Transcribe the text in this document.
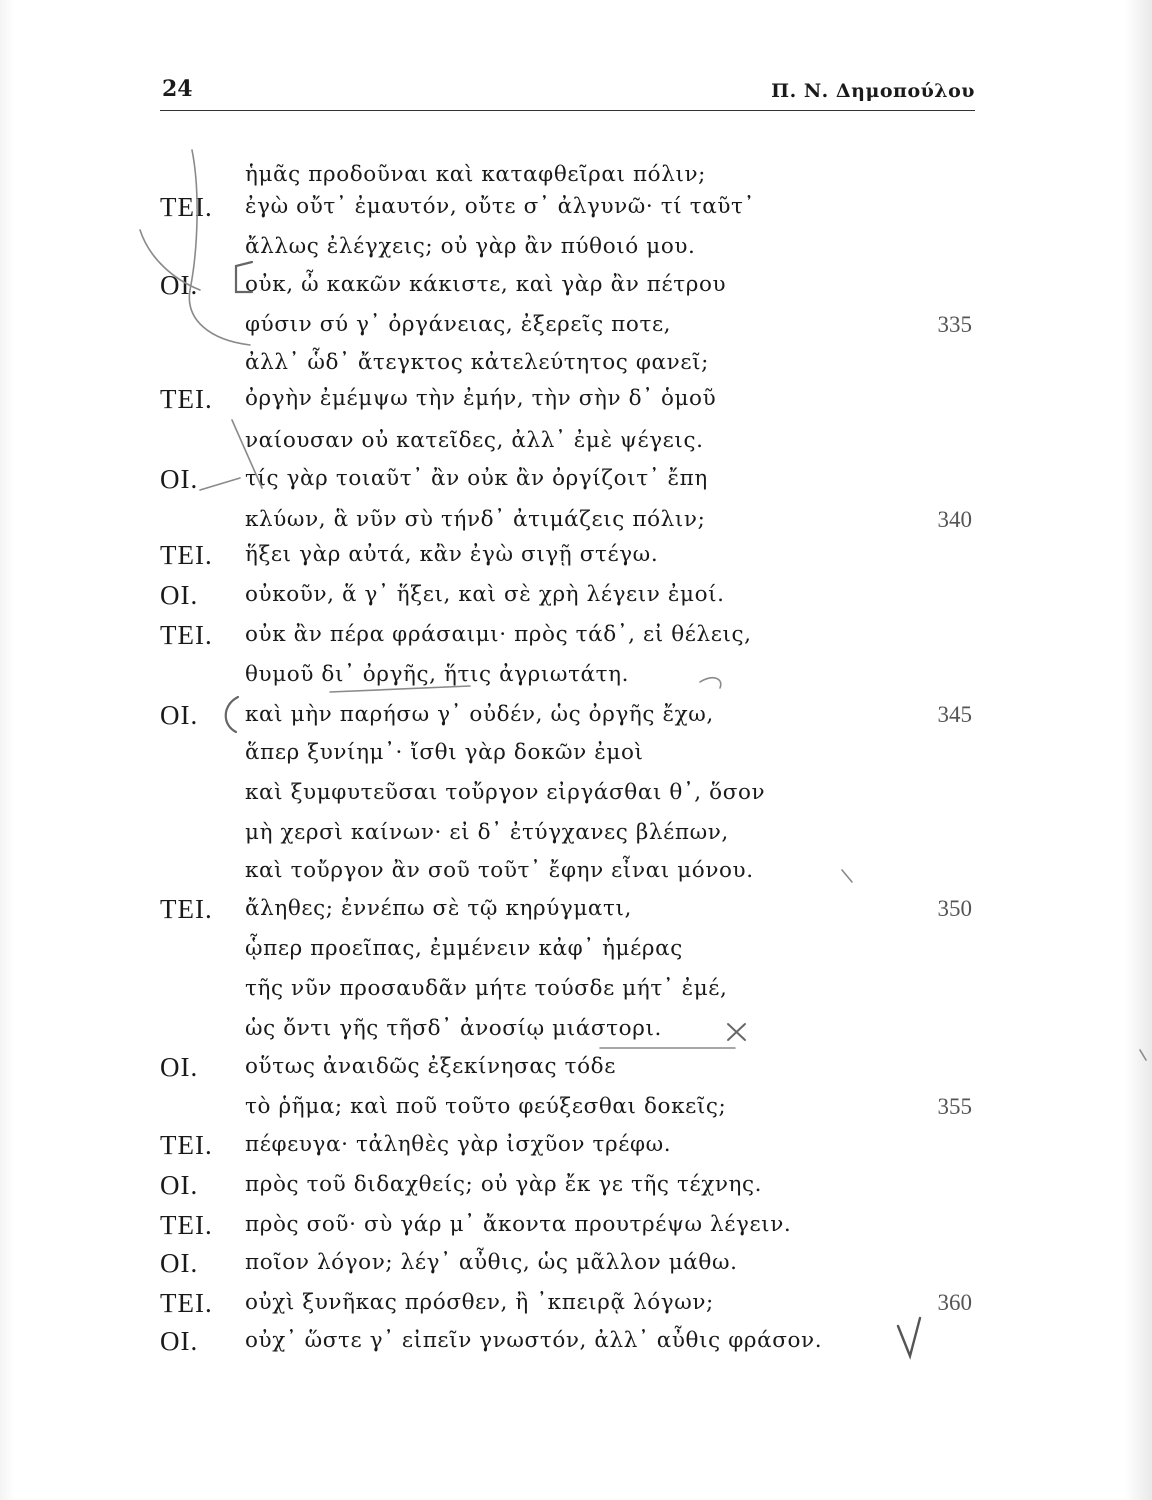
24	Π. Ν. Δημοπούλου
ἡμᾶς προδοῦναι καὶ καταφθεῖραι πόλιν;
ΤΕΙ. ἐγὼ οὔτ᾽ ἐμαυτόν, οὔτε σ᾽ ἀλγυνῶ· τί ταῦτ᾽
ἄλλως ἐλέγχεις; οὐ γὰρ ἂν πύθοιό μου.
ΟΙ. οὐκ, ὦ κακῶν κάκιστε, καὶ γὰρ ἂν πέτρου
φύσιν σύ γ᾽ ὀργάνειας, ἐξερεῖς ποτε,	335
ἀλλ᾽ ὧδ᾽ ἄτεγκτος κἀτελεύτητος φανεῖ;
ΤΕΙ. ὀργὴν ἐμέμψω τὴν ἐμήν, τὴν σὴν δ᾽ ὁμοῦ
ναίουσαν οὐ κατεῖδες, ἀλλ᾽ ἐμὲ ψέγεις.
ΟΙ. τίς γὰρ τοιαῦτ᾽ ἂν οὐκ ἂν ὀργίζοιτ᾽ ἔπη
κλύων, ἃ νῦν σὺ τήνδ᾽ ἀτιμάζεις πόλιν;	340
ΤΕΙ. ἥξει γὰρ αὐτά, κἂν ἐγὼ σιγῇ στέγω.
ΟΙ. οὐκοῦν, ἅ γ᾽ ἥξει, καὶ σὲ χρὴ λέγειν ἐμοί.
ΤΕΙ. οὐκ ἂν πέρα φράσαιμι· πρὸς τάδ᾽, εἰ θέλεις,
θυμοῦ δι᾽ ὀργῆς, ἥτις ἀγριωτάτη.
ΟΙ. καὶ μὴν παρήσω γ᾽ οὐδέν, ὡς ὀργῆς ἔχω,	345
ἅπερ ξυνίημ᾽· ἴσθι γὰρ δοκῶν ἐμοὶ
καὶ ξυμφυτεῦσαι τοὔργον εἰργάσθαι θ᾽, ὅσον
μὴ χερσὶ καίνων· εἰ δ᾽ ἐτύγχανες βλέπων,
καὶ τοὔργον ἂν σοῦ τοῦτ᾽ ἔφην εἶναι μόνου.
ΤΕΙ. ἄληθες; ἐννέπω σὲ τῷ κηρύγματι,	350
ᾧπερ προεῖπας, ἐμμένειν κἀφ᾽ ἡμέρας
τῆς νῦν προσαυδᾶν μήτε τούσδε μήτ᾽ ἐμέ,
ὡς ὄντι γῆς τῆσδ᾽ ἀνοσίῳ μιάστορι.
ΟΙ. οὕτως ἀναιδῶς ἐξεκίνησας τόδε
τὸ ῥῆμα; καὶ ποῦ τοῦτο φεύξεσθαι δοκεῖς;	355
ΤΕΙ. πέφευγα· τἀληθὲς γὰρ ἰσχῦον τρέφω.
ΟΙ. πρὸς τοῦ διδαχθείς; οὐ γὰρ ἔκ γε τῆς τέχνης.
ΤΕΙ. πρὸς σοῦ· σὺ γάρ μ᾽ ἄκοντα προυτρέψω λέγειν.
ΟΙ. ποῖον λόγον; λέγ᾽ αὖθις, ὡς μᾶλλον μάθω.
ΤΕΙ. οὐχὶ ξυνῆκας πρόσθεν, ἢ ᾽κπειρᾷ λόγων;	360
ΟΙ. οὐχ᾽ ὥστε γ᾽ εἰπεῖν γνωστόν, ἀλλ᾽ αὖθις φράσον.
